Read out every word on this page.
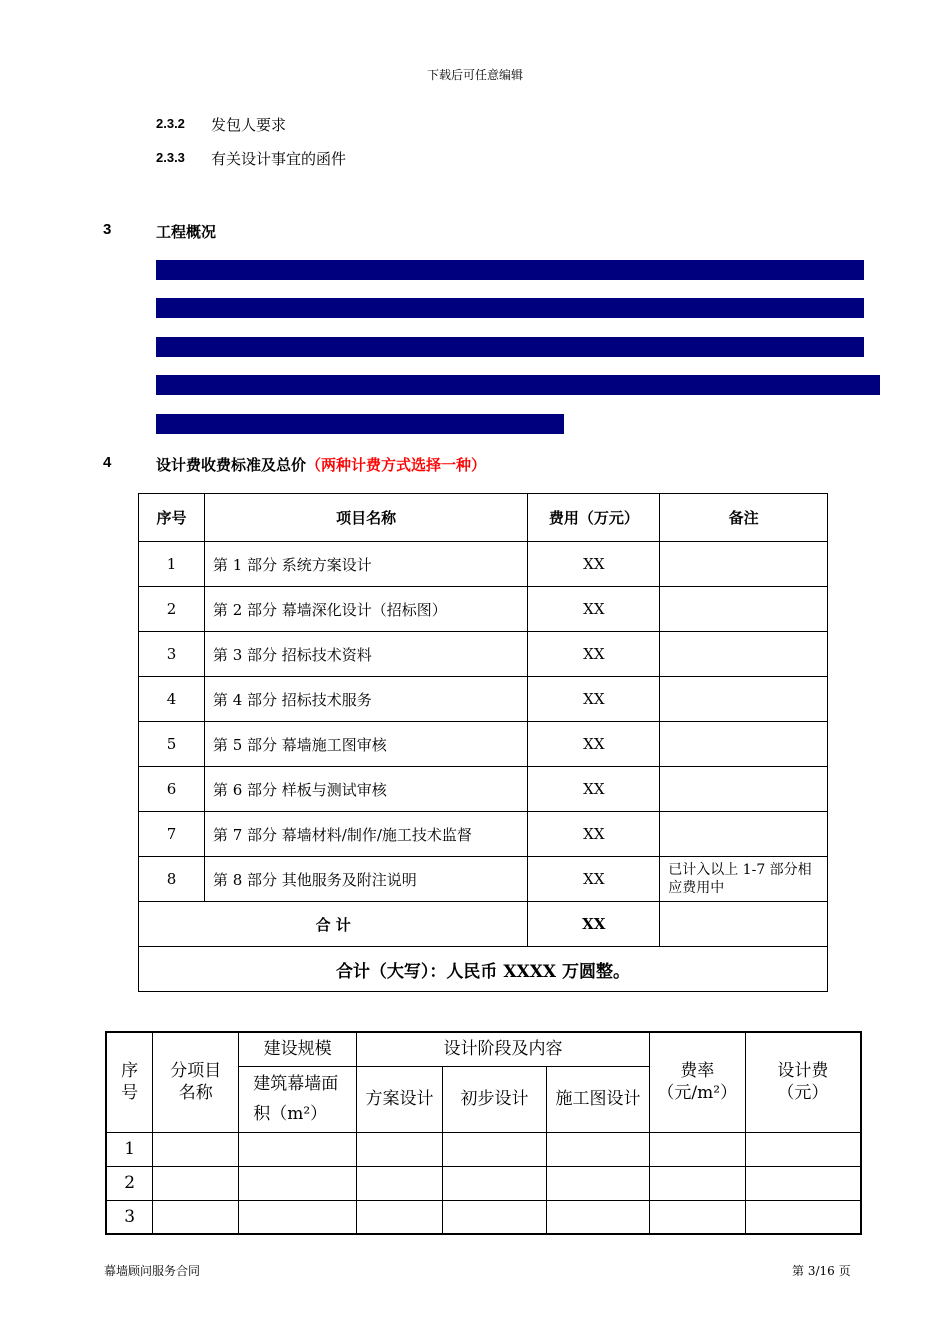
下载后可任意编辑
2.3.2 发包人要求
2.3.3 有关设计事宜的函件
3	工程概况
4	设计费收费标准及总价（两种计费方式选择一种）
序号	项目名称	费用（万元）	备注
1	第 1 部分 系统方案设计	XX	
2	第 2 部分 幕墙深化设计（招标图）	XX	
3	第 3 部分 招标技术资料	XX	
4	第 4 部分 招标技术服务	XX	
5	第 5 部分 幕墙施工图审核	XX	
6	第 6 部分 样板与测试审核	XX	
7	第 7 部分 幕墙材料/制作/施工技术监督	XX	
8	第 8 部分 其他服务及附注说明	XX	已计入以上 1-7 部分相应费用中
合 计		XX	
合计（大写）：人民币 XXXX 万圆整。			
序号	分项目名称	建设规模	设计阶段及内容			费率（元/m²）	设计费（元）

		建筑幕墙面积（m²）	方案设计	初步设计	施工图设计		
1							
2							
3							
幕墙顾问服务合同	第 3/16 页
